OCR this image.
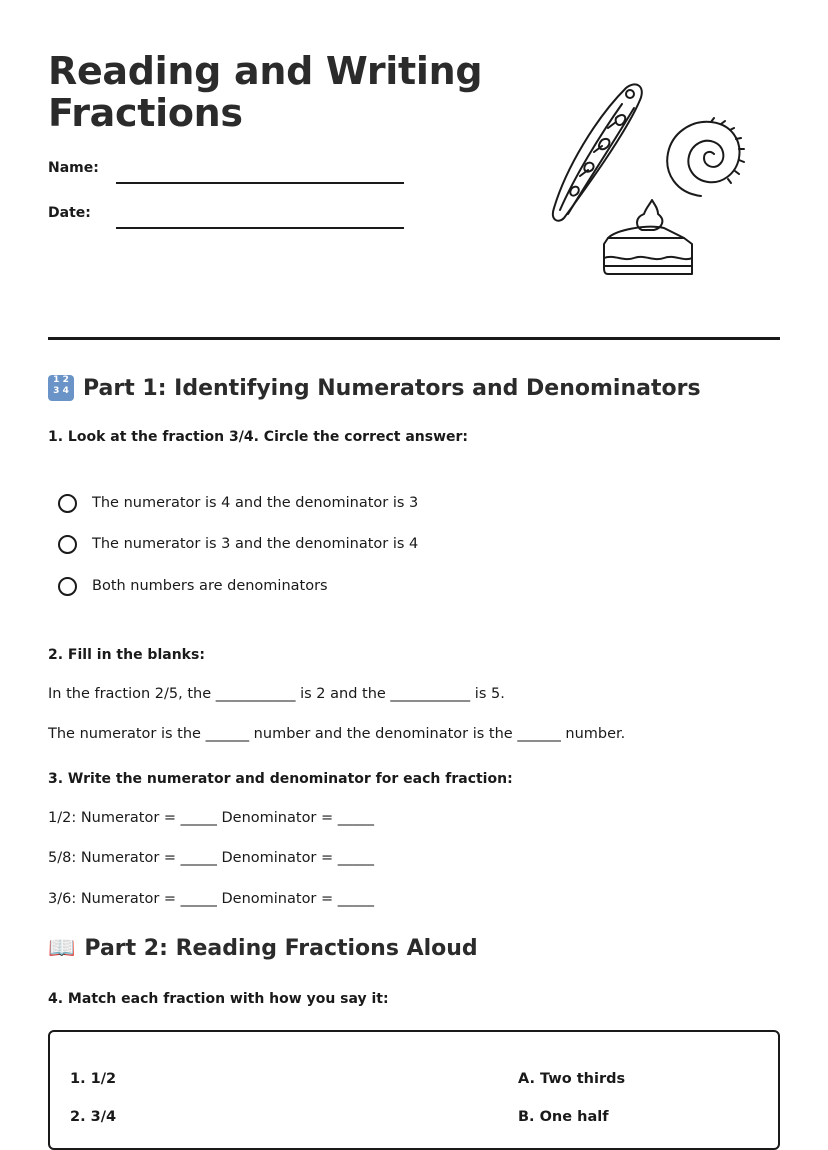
Reading and Writing Fractions
Name:
Date:
1 2
3 4 Part 1: Identifying Numerators and Denominators

1. Look at the fraction 3/4. Circle the correct answer:

The numerator is 4 and the denominator is 3
The numerator is 3 and the denominator is 4
Both numbers are denominators

2. Fill in the blanks:

In the fraction 2/5, the ___________ is 2 and the ___________ is 5.

The numerator is the ______ number and the denominator is the ______ number.

3. Write the numerator and denominator for each fraction:

1/2: Numerator = _____ Denominator = _____

5/8: Numerator = _____ Denominator = _____

3/6: Numerator = _____ Denominator = _____

📖 Part 2: Reading Fractions Aloud

4. Match each fraction with how you say it:

1. 1/2
2. 3/4
A. Two thirds
B. One half
